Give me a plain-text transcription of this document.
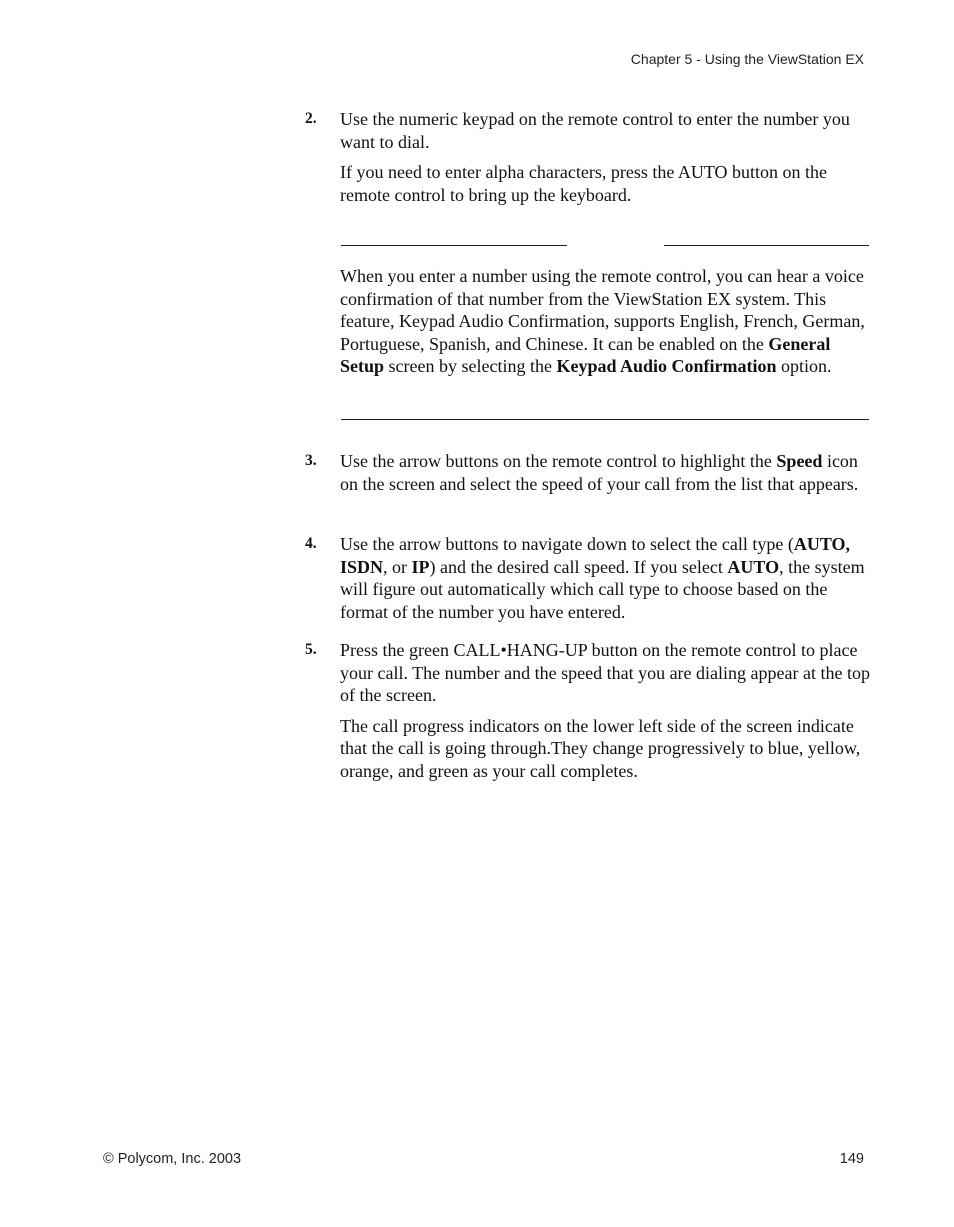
Chapter 5 - Using the ViewStation EX
2. Use the numeric keypad on the remote control to enter the number you want to dial.
If you need to enter alpha characters, press the AUTO button on the remote control to bring up the keyboard.
When you enter a number using the remote control, you can hear a voice confirmation of that number from the ViewStation EX system. This feature, Keypad Audio Confirmation, supports English, French, German, Portuguese, Spanish, and Chinese. It can be enabled on the General Setup screen by selecting the Keypad Audio Confirmation option.
3. Use the arrow buttons on the remote control to highlight the Speed icon on the screen and select the speed of your call from the list that appears.
4. Use the arrow buttons to navigate down to select the call type (AUTO, ISDN, or IP) and the desired call speed. If you select AUTO, the system will figure out automatically which call type to choose based on the format of the number you have entered.
5. Press the green CALL•HANG-UP button on the remote control to place your call. The number and the speed that you are dialing appear at the top of the screen.
The call progress indicators on the lower left side of the screen indicate that the call is going through.They change progressively to blue, yellow, orange, and green as your call completes.
© Polycom, Inc. 2003	149
